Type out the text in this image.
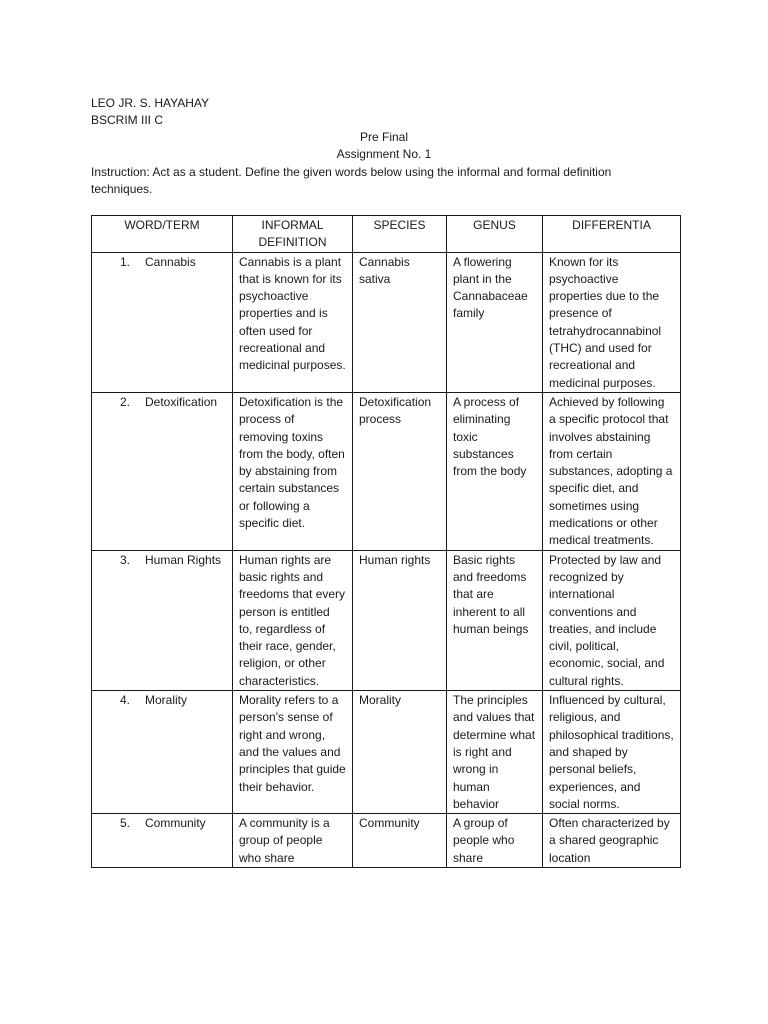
LEO JR. S. HAYAHAY
BSCRIM III C
Pre Final
Assignment No. 1
Instruction: Act as a student. Define the given words below using the informal and formal definition techniques.
WORD/TERM	INFORMAL DEFINITION	SPECIES	GENUS	DIFFERENTIA
1. Cannabis	Cannabis is a plant that is known for its psychoactive properties and is often used for recreational and medicinal purposes.	Cannabis sativa	A flowering plant in the Cannabaceae family	Known for its psychoactive properties due to the presence of tetrahydrocannabinol (THC) and used for recreational and medicinal purposes.
2. Detoxification	Detoxification is the process of removing toxins from the body, often by abstaining from certain substances or following a specific diet.	Detoxification process	A process of eliminating toxic substances from the body	Achieved by following a specific protocol that involves abstaining from certain substances, adopting a specific diet, and sometimes using medications or other medical treatments.
3. Human Rights	Human rights are basic rights and freedoms that every person is entitled to, regardless of their race, gender, religion, or other characteristics.	Human rights	Basic rights and freedoms that are inherent to all human beings	Protected by law and recognized by international conventions and treaties, and include civil, political, economic, social, and cultural rights.
4. Morality	Morality refers to a person's sense of right and wrong, and the values and principles that guide their behavior.	Morality	The principles and values that determine what is right and wrong in human behavior	Influenced by cultural, religious, and philosophical traditions, and shaped by personal beliefs, experiences, and social norms.
5. Community	A community is a group of people who share	Community	A group of people who share	Often characterized by a shared geographic location
